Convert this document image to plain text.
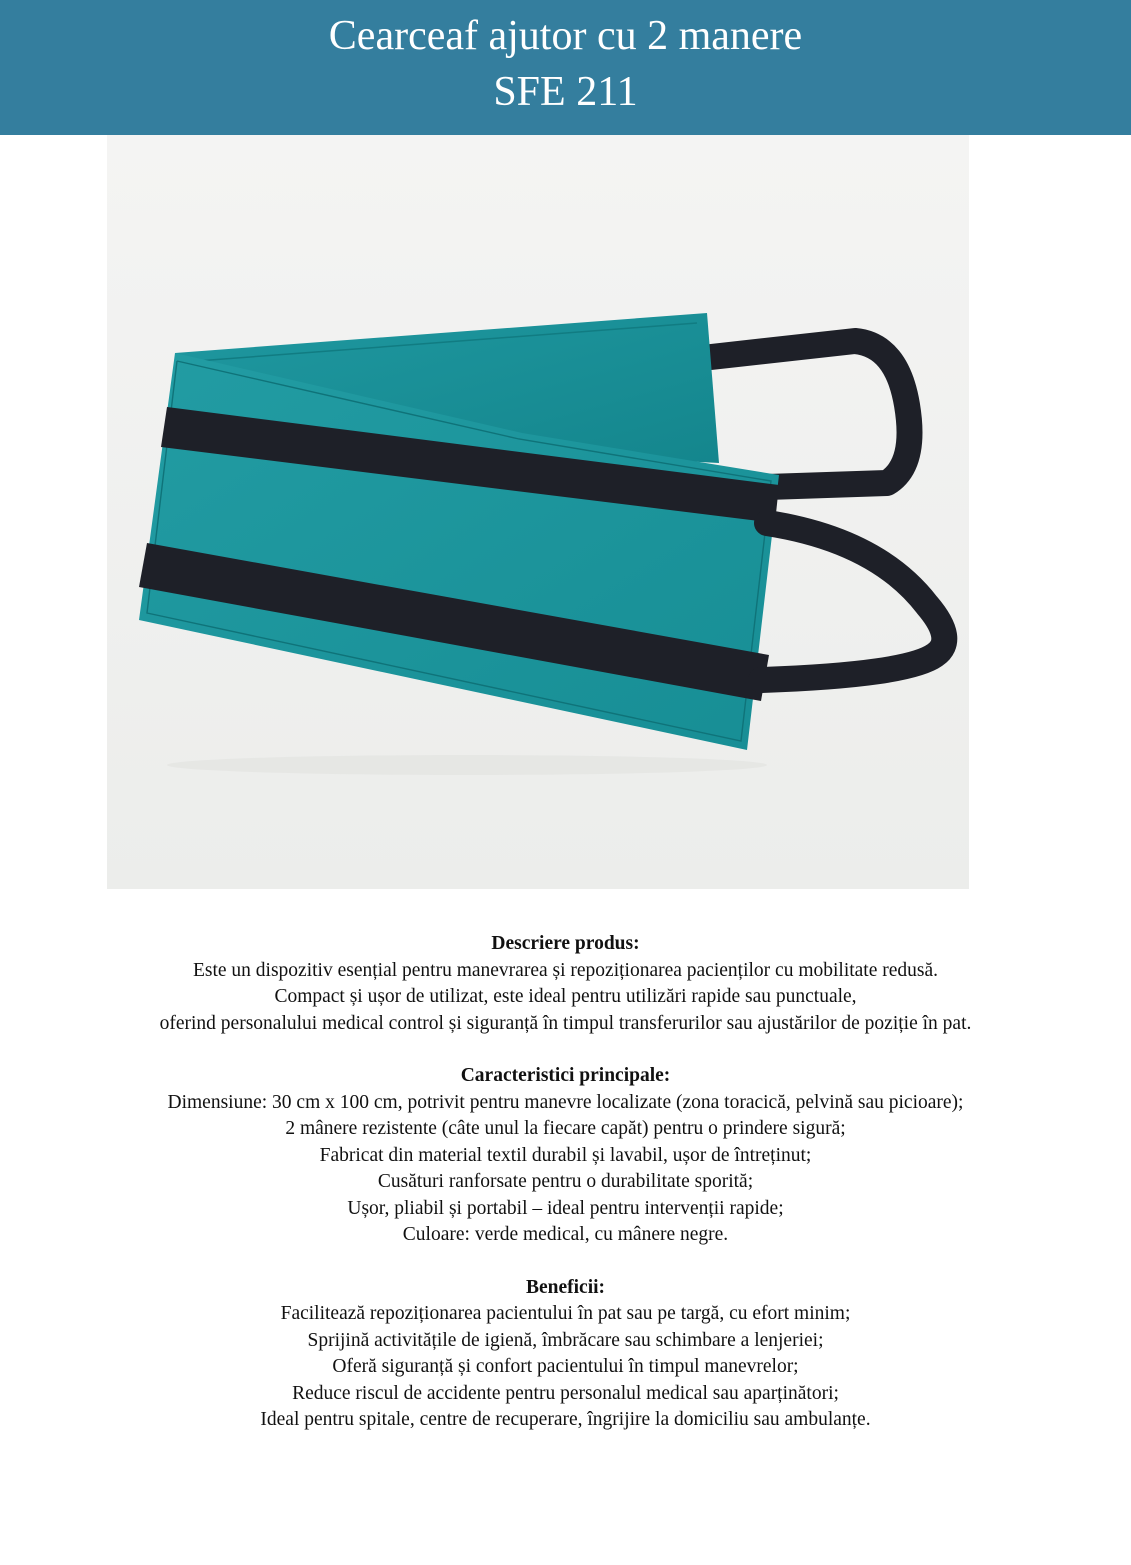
Cearceaf ajutor cu 2 manere
SFE 211
Descriere produs:
Este un dispozitiv esențial pentru manevrarea și repoziționarea pacienților cu mobilitate redusă.
Compact și ușor de utilizat, este ideal pentru utilizări rapide sau punctuale,
oferind personalului medical control și siguranță în timpul transferurilor sau ajustărilor de poziție în pat.
Caracteristici principale:
Dimensiune: 30 cm x 100 cm, potrivit pentru manevre localizate (zona toracică, pelvină sau picioare);
2 mânere rezistente (câte unul la fiecare capăt) pentru o prindere sigură;
Fabricat din material textil durabil și lavabil, ușor de întreținut;
Cusături ranforsate pentru o durabilitate sporită;
Ușor, pliabil și portabil – ideal pentru intervenții rapide;
Culoare: verde medical, cu mânere negre.
Beneficii:
Facilitează repoziționarea pacientului în pat sau pe targă, cu efort minim;
Sprijină activitățile de igienă, îmbrăcare sau schimbare a lenjeriei;
Oferă siguranță și confort pacientului în timpul manevrelor;
Reduce riscul de accidente pentru personalul medical sau aparținători;
Ideal pentru spitale, centre de recuperare, îngrijire la domiciliu sau ambulanțe.
